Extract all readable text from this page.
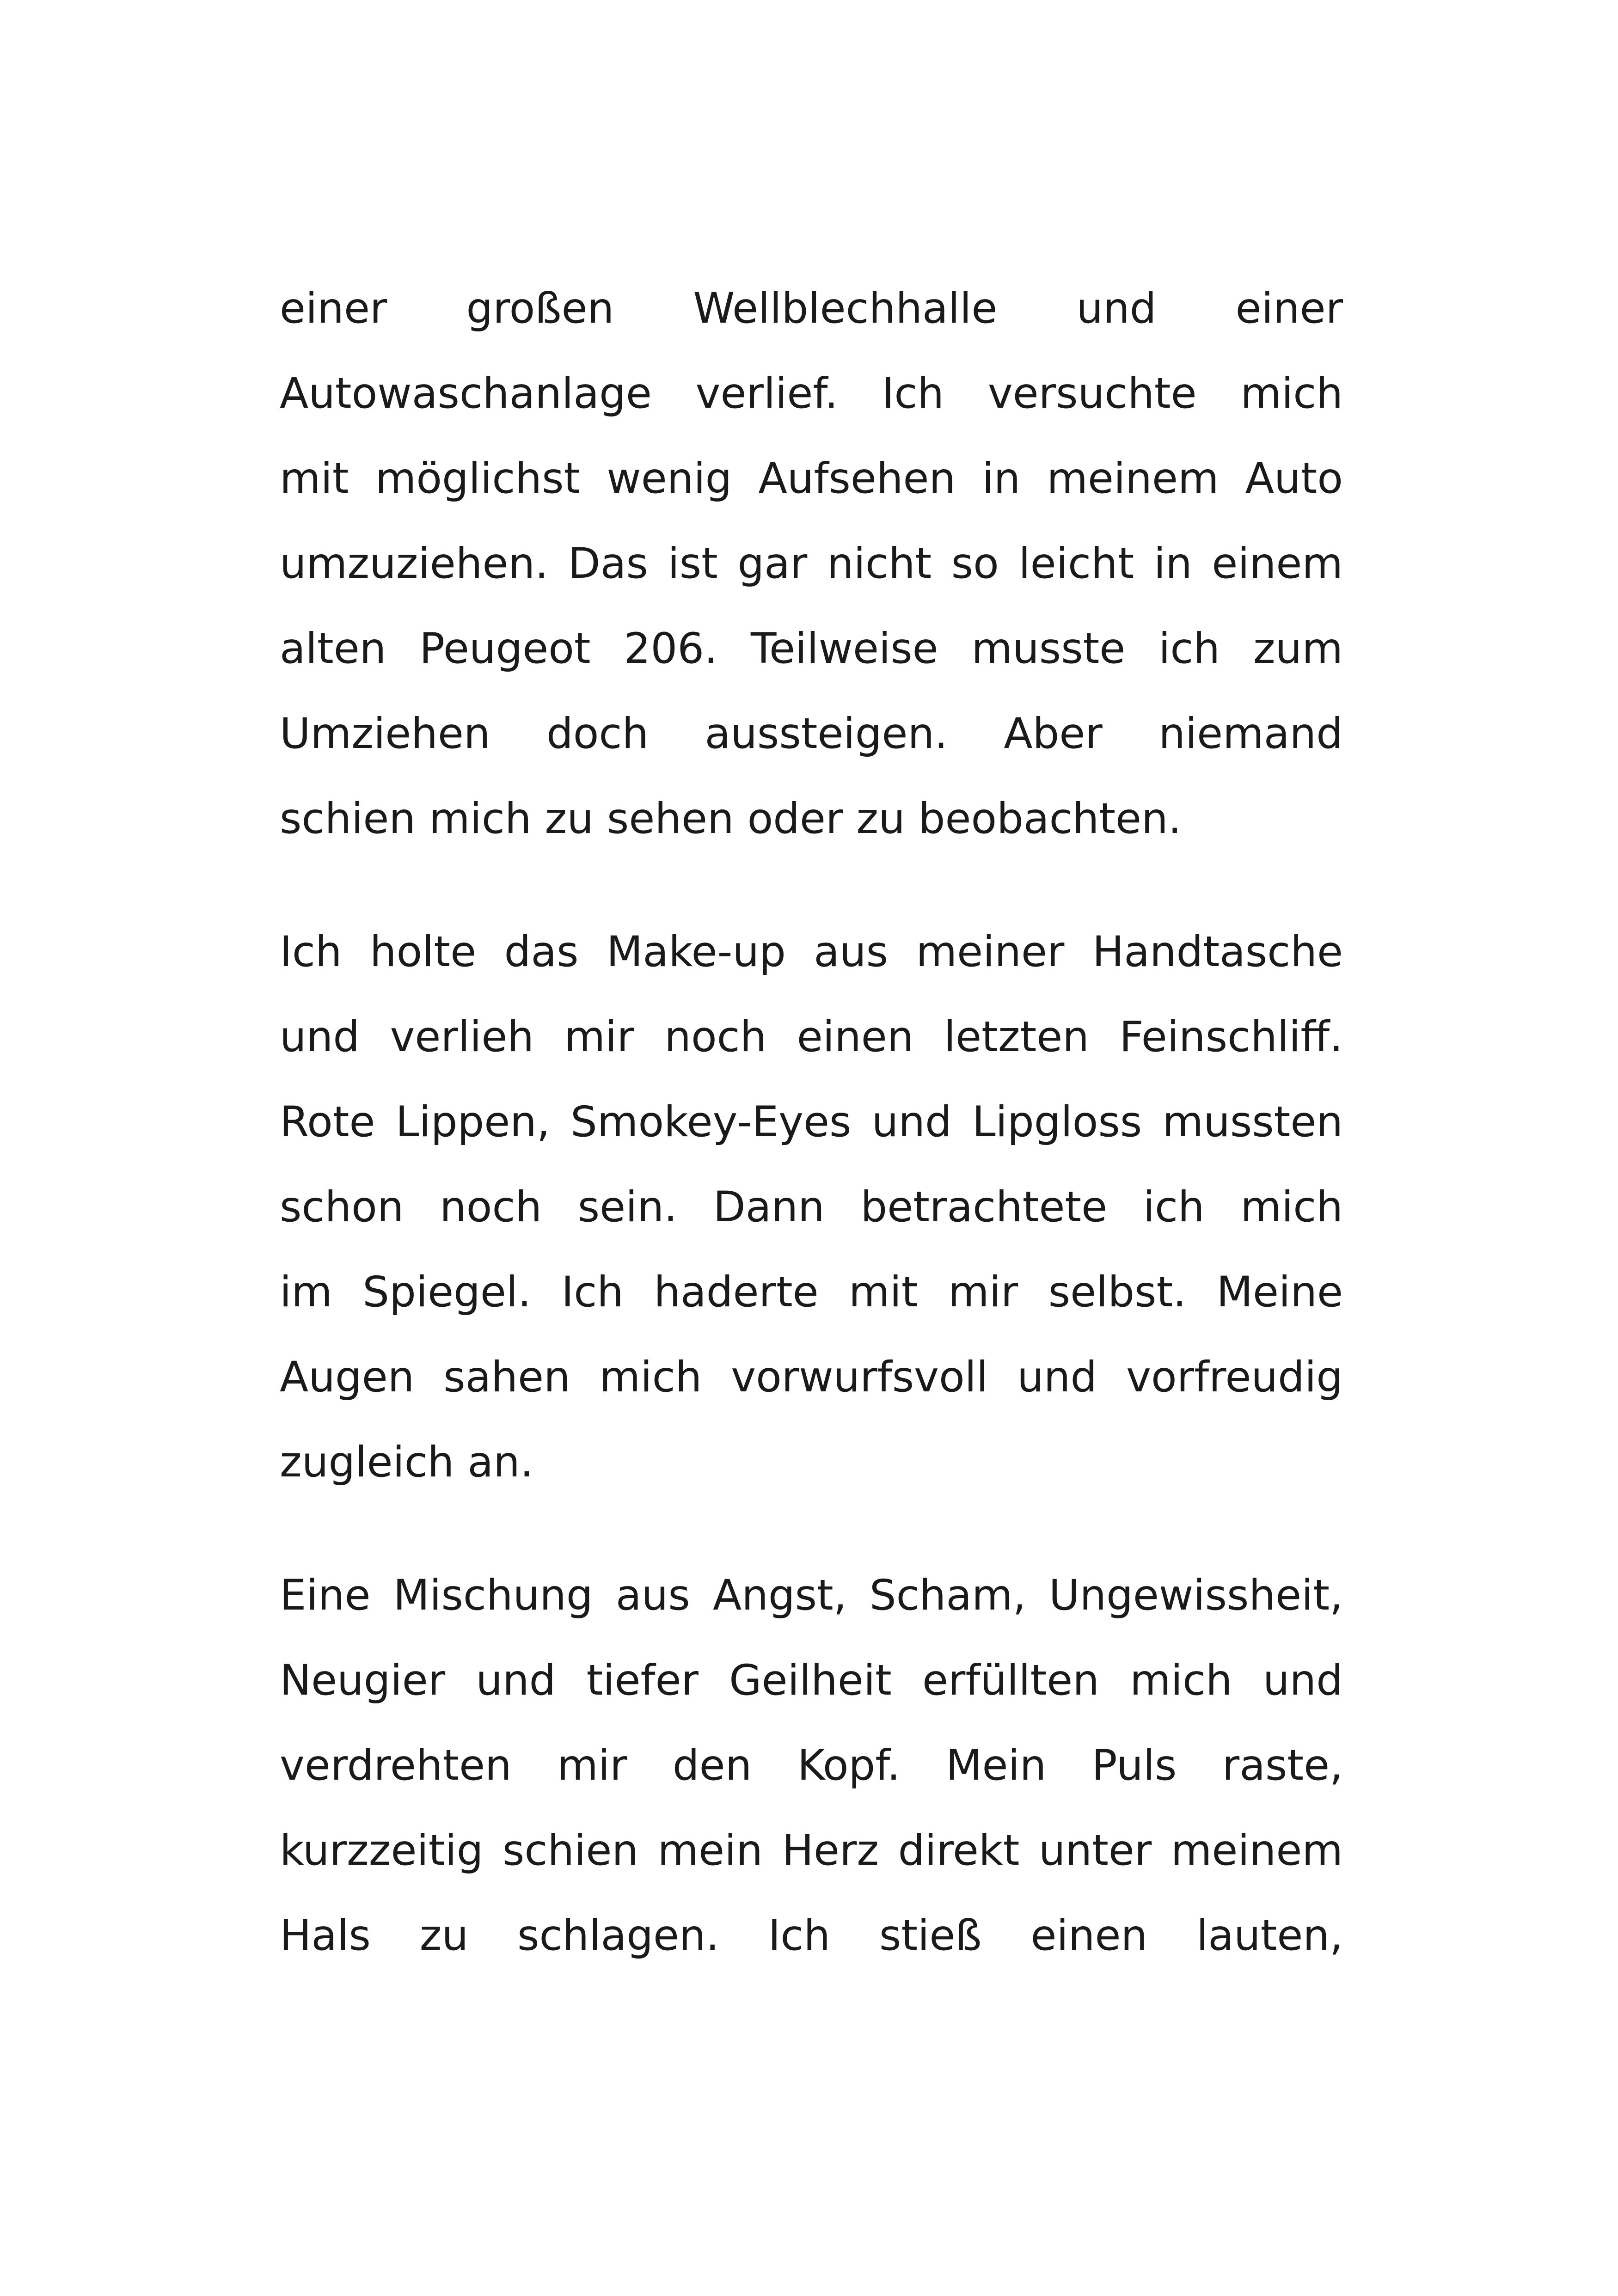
einer großen Wellblechhalle und einer
Autowaschanlage verlief. Ich versuchte mich
mit möglichst wenig Aufsehen in meinem Auto
umzuziehen. Das ist gar nicht so leicht in einem
alten Peugeot 206. Teilweise musste ich zum
Umziehen doch aussteigen. Aber niemand
schien mich zu sehen oder zu beobachten.
Ich holte das Make-up aus meiner Handtasche
und verlieh mir noch einen letzten Feinschliff.
Rote Lippen, Smokey-Eyes und Lipgloss mussten
schon noch sein. Dann betrachtete ich mich
im Spiegel. Ich haderte mit mir selbst. Meine
Augen sahen mich vorwurfsvoll und vorfreudig
zugleich an.
Eine Mischung aus Angst, Scham, Ungewissheit,
Neugier und tiefer Geilheit erfüllten mich und
verdrehten mir den Kopf. Mein Puls raste,
kurzzeitig schien mein Herz direkt unter meinem
Hals zu schlagen. Ich stieß einen lauten,
